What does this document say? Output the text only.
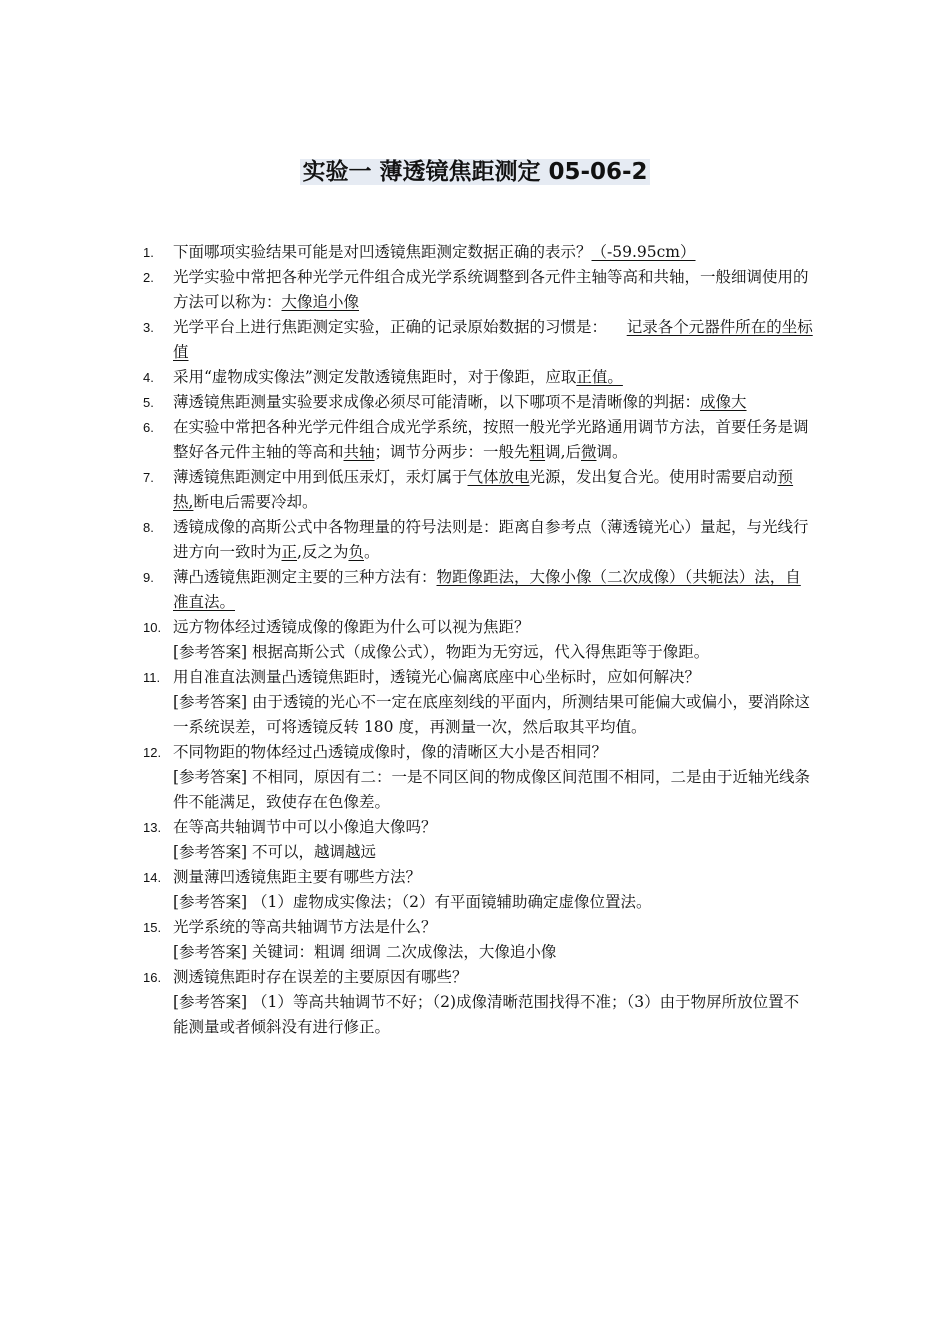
实验一 薄透镜焦距测定 05-06-2
1. 下面哪项实验结果可能是对凹透镜焦距测定数据正确的表示？（-59.95cm）
2. 光学实验中常把各种光学元件组合成光学系统调整到各元件主轴等高和共轴，一般细调使用的方法可以称为：大像追小像
3. 光学平台上进行焦距测定实验，正确的记录原始数据的习惯是：    记录各个元器件所在的坐标值
4. 采用“虚物成实像法”测定发散透镜焦距时，对于像距，应取正值。
5. 薄透镜焦距测量实验要求成像必须尽可能清晰，以下哪项不是清晰像的判据：成像大
6. 在实验中常把各种光学元件组合成光学系统，按照一般光学光路通用调节方法，首要任务是调整好各元件主轴的等高和共轴；调节分两步：一般先粗调,后微调。
7. 薄透镜焦距测定中用到低压汞灯，汞灯属于气体放电光源，发出复合光。使用时需要启动预热,断电后需要冷却。
8. 透镜成像的高斯公式中各物理量的符号法则是：距离自参考点（薄透镜光心）量起，与光线行进方向一致时为正,反之为负。
9. 薄凸透镜焦距测定主要的三种方法有：物距像距法，大像小像（二次成像）（共轭法）法，自准直法。
10. 远方物体经过透镜成像的像距为什么可以视为焦距？
[参考答案] 根据高斯公式（成像公式），物距为无穷远，代入得焦距等于像距。
11. 用自准直法测量凸透镜焦距时，透镜光心偏离底座中心坐标时，应如何解决？
[参考答案] 由于透镜的光心不一定在底座刻线的平面内，所测结果可能偏大或偏小，要消除这一系统误差，可将透镜反转 180 度，再测量一次，然后取其平均值。
12. 不同物距的物体经过凸透镜成像时，像的清晰区大小是否相同？
[参考答案] 不相同，原因有二：一是不同区间的物成像区间范围不相同，二是由于近轴光线条件不能满足，致使存在色像差。
13. 在等高共轴调节中可以小像追大像吗？
[参考答案] 不可以，越调越远
14. 测量薄凹透镜焦距主要有哪些方法？
[参考答案] （1）虚物成实像法；（2）有平面镜辅助确定虚像位置法。
15. 光学系统的等高共轴调节方法是什么？
[参考答案] 关键词：粗调 细调 二次成像法，大像追小像
16. 测透镜焦距时存在误差的主要原因有哪些？
[参考答案] （1）等高共轴调节不好；（2)成像清晰范围找得不准；（3）由于物屏所放位置不能测量或者倾斜没有进行修正。
